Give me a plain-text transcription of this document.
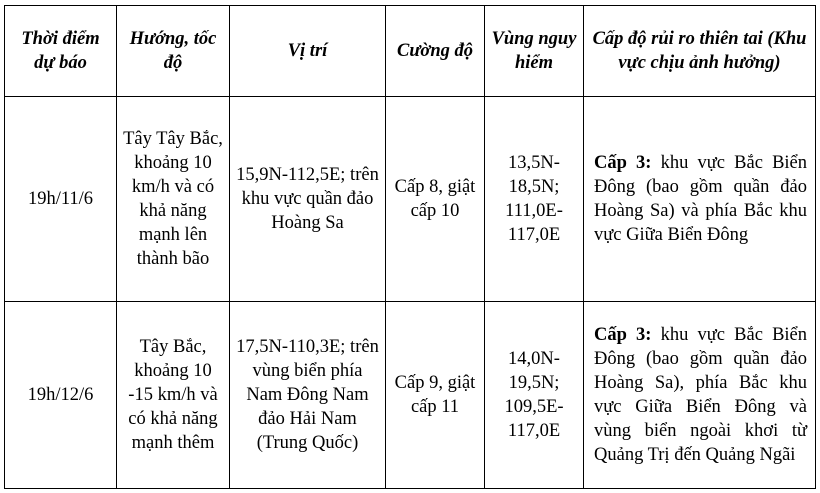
Thời điểm dự báo	Hướng, tốc độ	Vị trí	Cường độ	Vùng nguy hiểm	Cấp độ rủi ro thiên tai (Khu vực chịu ảnh hưởng)
19h/11/6	Tây Tây Bắc, khoảng 10 km/h và có khả năng mạnh lên thành bão	15,9N-112,5E; trên khu vực quần đảo Hoàng Sa	Cấp 8, giật cấp 10	13,5N-18,5N; 111,0E-117,0E	Cấp 3: khu vực Bắc Biển Đông (bao gồm quần đảo Hoàng Sa) và phía Bắc khu vực Giữa Biển Đông
19h/12/6	Tây Bắc, khoảng 10 -15 km/h và có khả năng mạnh thêm	17,5N-110,3E; trên vùng biển phía Nam Đông Nam đảo Hải Nam (Trung Quốc)	Cấp 9, giật cấp 11	14,0N-19,5N; 109,5E-117,0E	Cấp 3: khu vực Bắc Biển Đông (bao gồm quần đảo Hoàng Sa), phía Bắc khu vực Giữa Biển Đông và vùng biển ngoài khơi từ Quảng Trị đến Quảng Ngãi
